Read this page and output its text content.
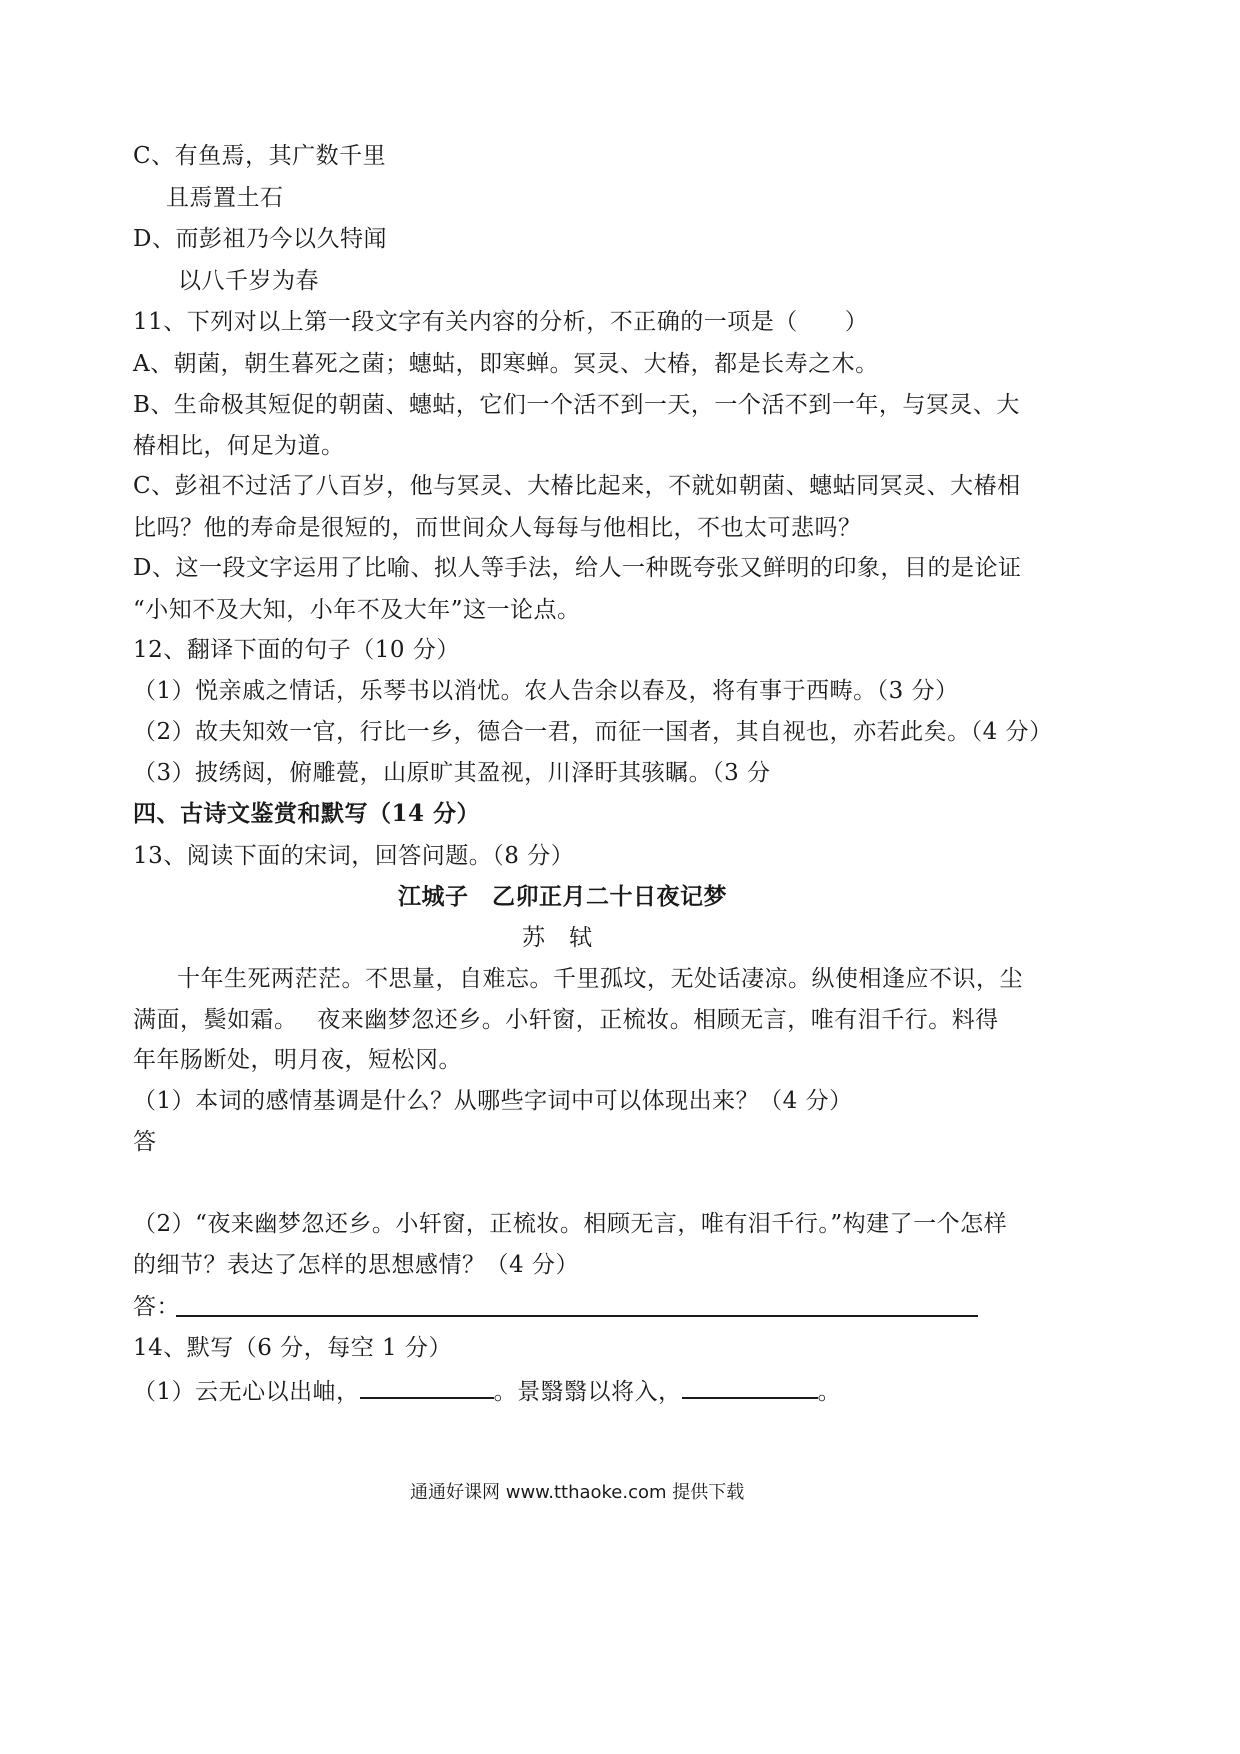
C、有鱼焉，其广数千里
且焉置土石
D、而彭祖乃今以久特闻
以八千岁为春
11、下列对以上第一段文字有关内容的分析，不正确的一项是（　　）
A、朝菌，朝生暮死之菌；蟪蛄，即寒蝉。冥灵、大椿，都是长寿之木。
B、生命极其短促的朝菌、蟪蛄，它们一个活不到一天，一个活不到一年，与冥灵、大
椿相比，何足为道。
C、彭祖不过活了八百岁，他与冥灵、大椿比起来，不就如朝菌、蟪蛄同冥灵、大椿相
比吗？他的寿命是很短的，而世间众人每每与他相比，不也太可悲吗？
D、这一段文字运用了比喻、拟人等手法，给人一种既夸张又鲜明的印象，目的是论证
“小知不及大知，小年不及大年”这一论点。
12、翻译下面的句子（10 分）
（1）悦亲戚之情话，乐琴书以消忧。农人告余以春及，将有事于西畴。（3 分）
（2）故夫知效一官，行比一乡，德合一君，而征一国者，其自视也，亦若此矣。（4 分）
（3）披绣闼，俯雕甍，山原旷其盈视，川泽盱其骇瞩。（3 分
四、古诗文鉴赏和默写（14 分）
13、阅读下面的宋词，回答问题。（8 分）
江城子　乙卯正月二十日夜记梦
苏　轼
十年生死两茫茫。不思量，自难忘。千里孤坟，无处话凄凉。纵使相逢应不识，尘
满面，鬓如霜。　 夜来幽梦忽还乡。小轩窗，正梳妆。相顾无言，唯有泪千行。料得
年年肠断处，明月夜，短松冈。
（1）本词的感情基调是什么？从哪些字词中可以体现出来？（4 分）
答
（2）“夜来幽梦忽还乡。小轩窗，正梳妆。相顾无言，唯有泪千行。”构建了一个怎样
的细节？表达了怎样的思想感情？（4 分）
答：
14、默写（6 分，每空 1 分）
（1）云无心以出岫，	。景翳翳以将入，	。
通通好课网 www.tthaoke.com 提供下载
